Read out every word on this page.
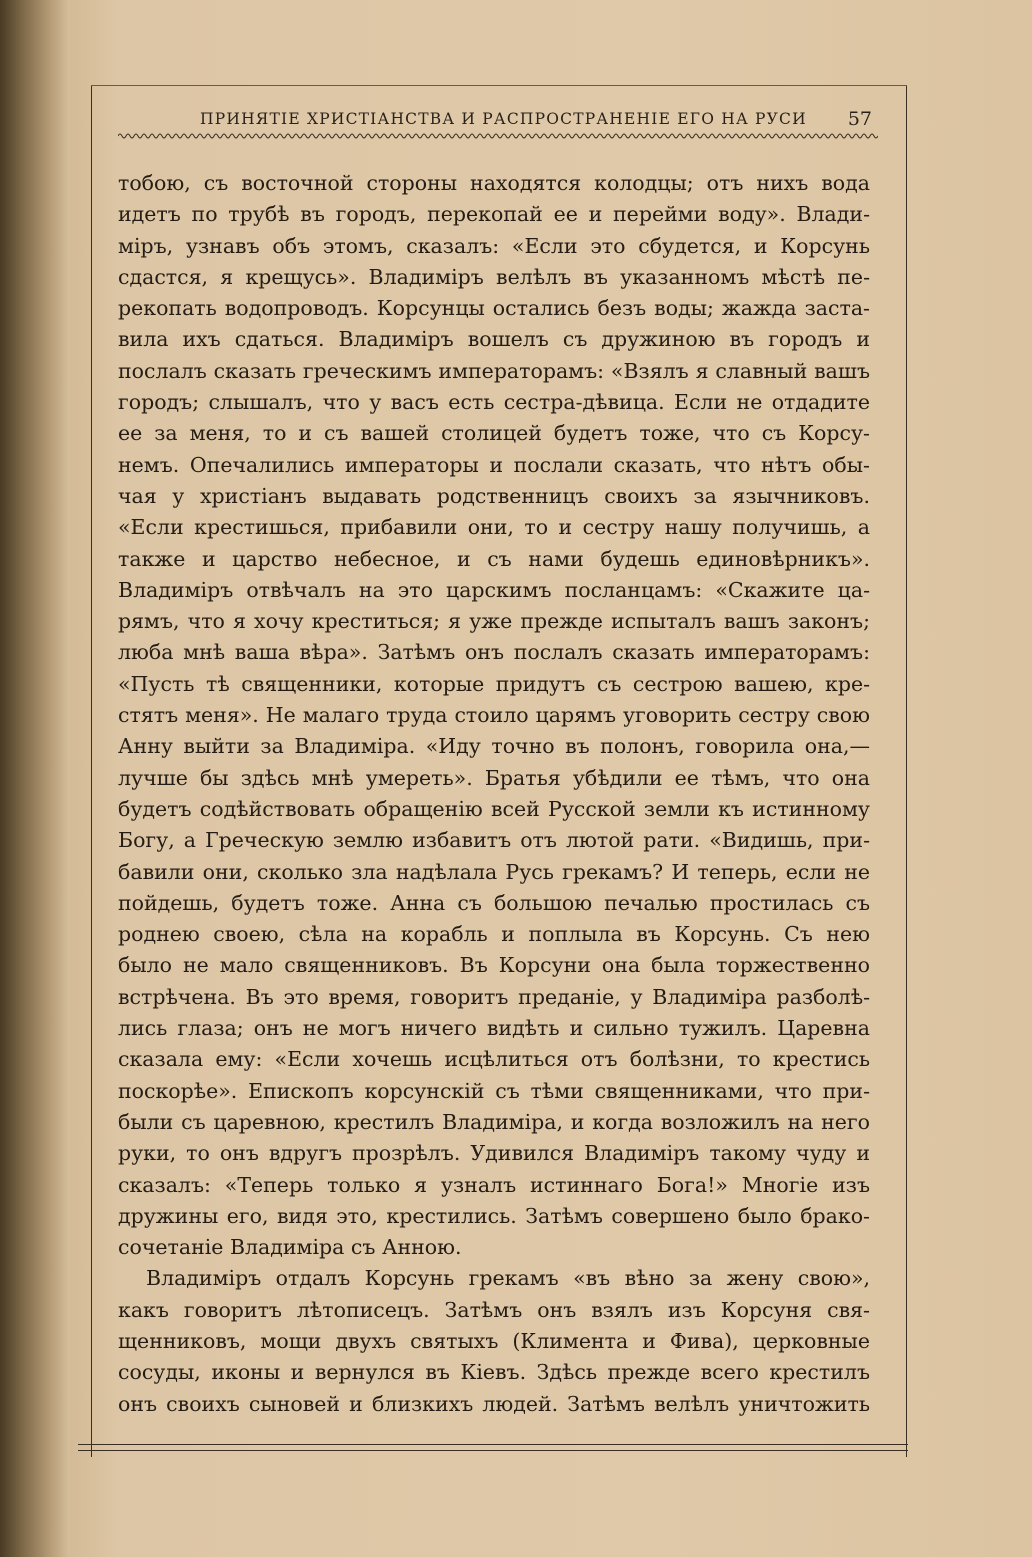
ПРИНЯТІЕ ХРИСТІАНСТВА И РАСПРОСТРАНЕНІЕ ЕГО НА РУСИ 57
тобою, съ восточной стороны находятся колодцы; отъ нихъ вода
идетъ по трубѣ въ городъ, перекопай ее и перейми воду». Влади-
міръ, узнавъ объ этомъ, сказалъ: «Если это сбудется, и Корсунь
сдастся, я крещусь». Владиміръ велѣлъ въ указанномъ мѣстѣ пе-
рекопать водопроводъ. Корсунцы остались безъ воды; жажда заста-
вила ихъ сдаться. Владиміръ вошелъ съ дружиною въ городъ и
послалъ сказать греческимъ императорамъ: «Взялъ я славный вашъ
городъ; слышалъ, что у васъ есть сестра-дѣвица. Если не отдадите
ее за меня, то и съ вашей столицей будетъ тоже, что съ Корсу-
немъ. Опечалились императоры и послали сказать, что нѣтъ обы-
чая у христіанъ выдавать родственницъ своихъ за язычниковъ.
«Если крестишься, прибавили они, то и сестру нашу получишь, а
также и царство небесное, и съ нами будешь единовѣрникъ».
Владиміръ отвѣчалъ на это царскимъ посланцамъ: «Скажите ца-
рямъ, что я хочу креститься; я уже прежде испыталъ вашъ законъ;
люба мнѣ ваша вѣра». Затѣмъ онъ послалъ сказать императорамъ:
«Пусть тѣ священники, которые придутъ съ сестрою вашею, кре-
стятъ меня». Не малаго труда стоило царямъ уговорить сестру свою
Анну выйти за Владиміра. «Иду точно въ полонъ, говорила она,—
лучше бы здѣсь мнѣ умереть». Братья убѣдили ее тѣмъ, что она
будетъ содѣйствовать обращенію всей Русской земли къ истинному
Богу, а Греческую землю избавитъ отъ лютой рати. «Видишь, при-
бавили они, сколько зла надѣлала Русь грекамъ? И теперь, если не
пойдешь, будетъ тоже. Анна съ большою печалью простилась съ
роднею своею, сѣла на корабль и поплыла въ Корсунь. Съ нею
было не мало священниковъ. Въ Корсуни она была торжественно
встрѣчена. Въ это время, говоритъ преданіе, у Владиміра разболѣ-
лись глаза; онъ не могъ ничего видѣть и сильно тужилъ. Царевна
сказала ему: «Если хочешь исцѣлиться отъ болѣзни, то крестись
поскорѣе». Епископъ корсунскій съ тѣми священниками, что при-
были съ царевною, крестилъ Владиміра, и когда возложилъ на него
руки, то онъ вдругъ прозрѣлъ. Удивился Владиміръ такому чуду и
сказалъ: «Теперь только я узналъ истиннаго Бога!» Многіе изъ
дружины его, видя это, крестились. Затѣмъ совершено было брако-
сочетаніе Владиміра съ Анною.
Владиміръ отдалъ Корсунь грекамъ «въ вѣно за жену свою»,
какъ говоритъ лѣтописецъ. Затѣмъ онъ взялъ изъ Корсуня свя-
щенниковъ, мощи двухъ святыхъ (Климента и Фива), церковные
сосуды, иконы и вернулся въ Кіевъ. Здѣсь прежде всего крестилъ
онъ своихъ сыновей и близкихъ людей. Затѣмъ велѣлъ уничтожить
